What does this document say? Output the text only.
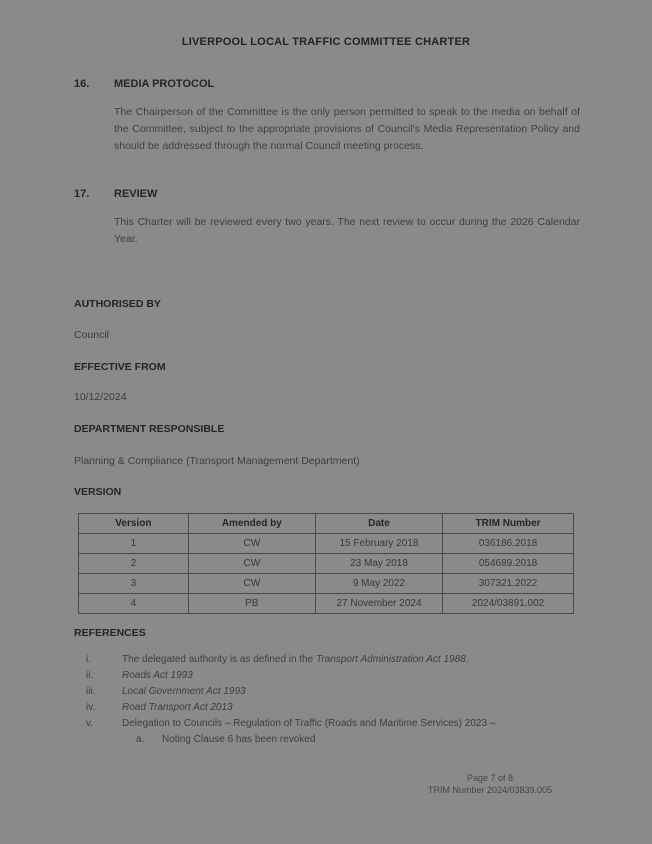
LIVERPOOL LOCAL TRAFFIC COMMITTEE CHARTER
16. MEDIA PROTOCOL
The Chairperson of the Committee is the only person permitted to speak to the media on behalf of the Committee, subject to the appropriate provisions of Council's Media Representation Policy and should be addressed through the normal Council meeting process.
17. REVIEW
This Charter will be reviewed every two years. The next review to occur during the 2026 Calendar Year.
AUTHORISED BY
Council
EFFECTIVE FROM
10/12/2024
DEPARTMENT RESPONSIBLE
Planning & Compliance (Transport Management Department)
VERSION
Version	Amended by	Date	TRIM Number
1	CW	15 February 2018	036186.2018
2	CW	23 May 2018	054689.2018
3	CW	9 May 2022	307321.2022
4	PB	27 November 2024	2024/03891.002
REFERENCES
i.	The delegated authority is as defined in the Transport Administration Act 1988.
ii.	Roads Act 1993
iii.	Local Government Act 1993
iv.	Road Transport Act 2013
v.	Delegation to Councils – Regulation of Traffic (Roads and Maritime Services) 2023 –
a. Noting Clause 6 has been revoked
Page 7 of 8
TRIM Number 2024/03839.005
